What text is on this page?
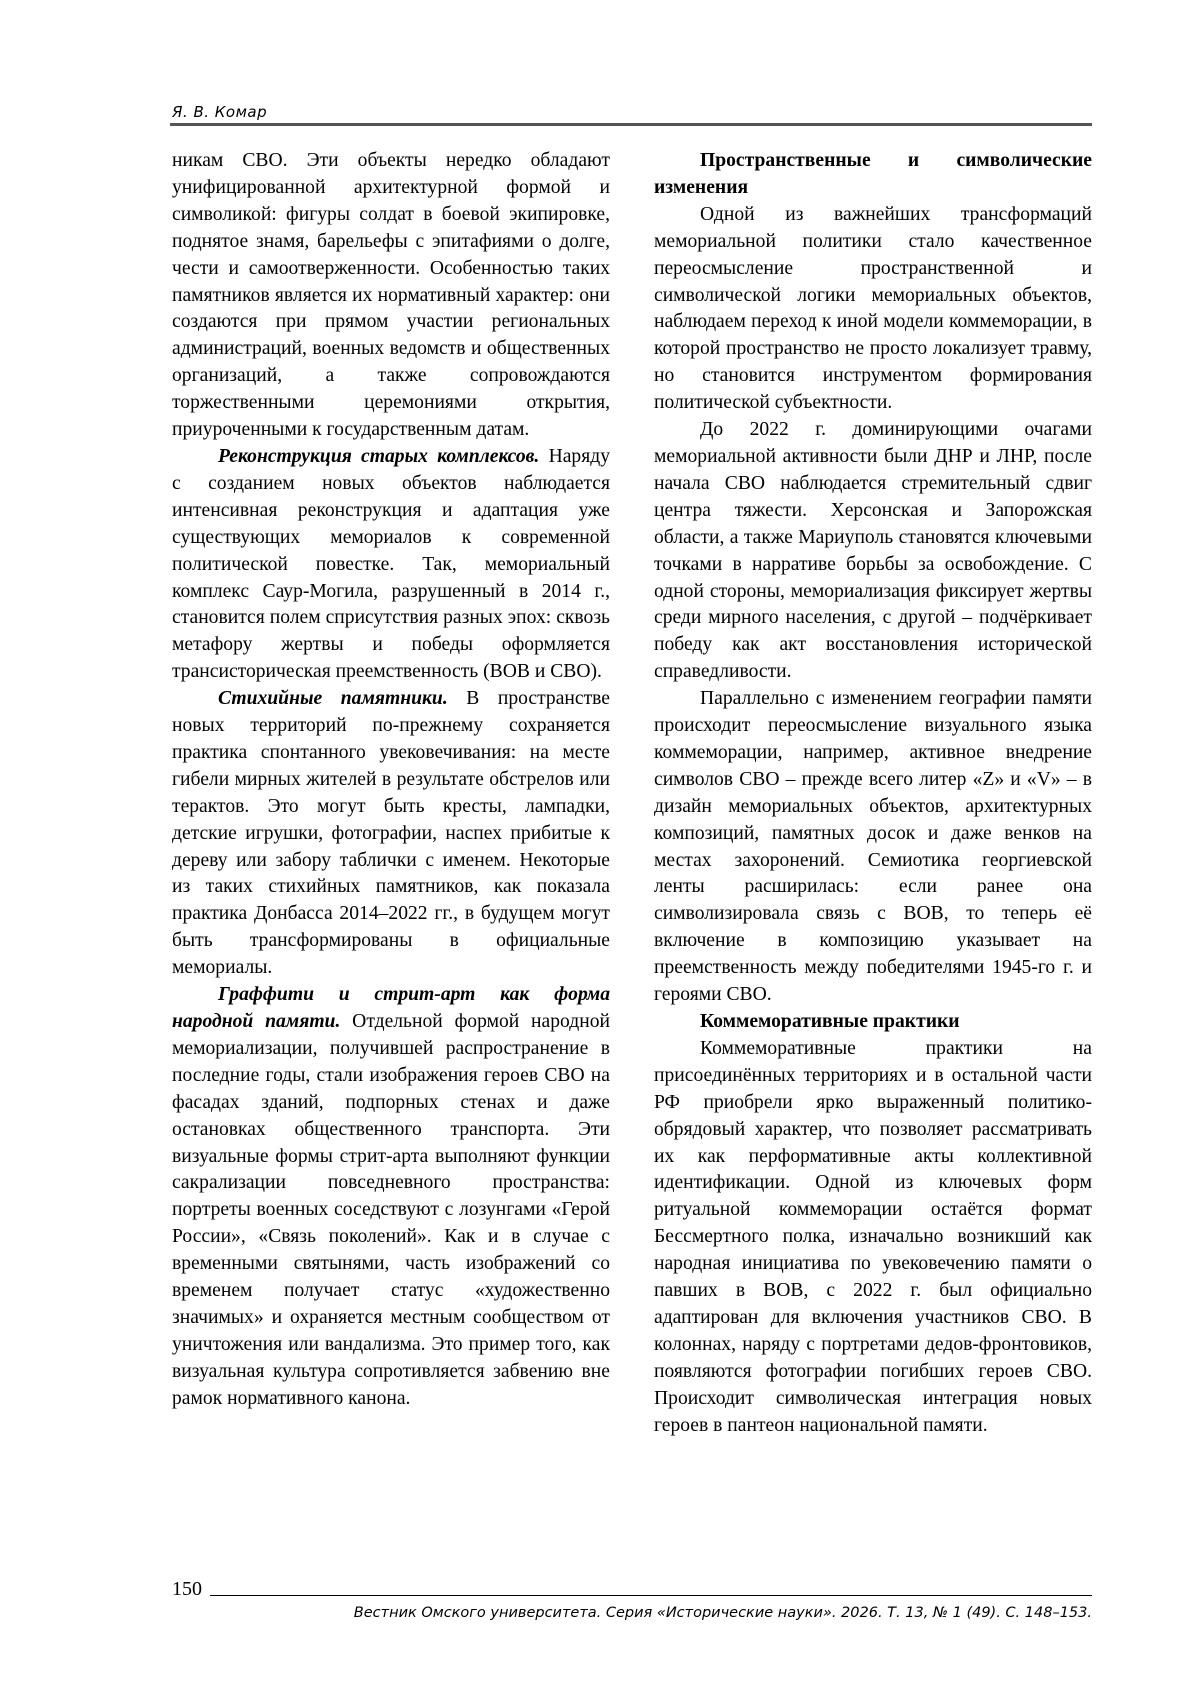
Я. В. Комар

никам СВО. Эти объекты нередко обладают унифицированной архитектурной формой и символикой: фигуры солдат в боевой экипировке, поднятое знамя, барельефы с эпитафиями о долге, чести и самоотверженности. Особенностью таких памятников является их нормативный характер: они создаются при прямом участии региональных администраций, военных ведомств и общественных организаций, а также сопровождаются торжественными церемониями открытия, приуроченными к государственным датам.

Реконструкция старых комплексов. Наряду с созданием новых объектов наблюдается интенсивная реконструкция и адаптация уже существующих мемориалов к современной политической повестке. Так, мемориальный комплекс Саур-Могила, разрушенный в 2014 г., становится полем сприсутствия разных эпох: сквозь метафору жертвы и победы оформляется трансисторическая преемственность (ВОВ и СВО).

Стихийные памятники. В пространстве новых территорий по-прежнему сохраняется практика спонтанного увековечивания: на месте гибели мирных жителей в результате обстрелов или терактов. Это могут быть кресты, лампадки, детские игрушки, фотографии, наспех прибитые к дереву или забору таблички с именем. Некоторые из таких стихийных памятников, как показала практика Донбасса 2014–2022 гг., в будущем могут быть трансформированы в официальные мемориалы.

Граффити и стрит-арт как форма народной памяти. Отдельной формой народной мемориализации, получившей распространение в последние годы, стали изображения героев СВО на фасадах зданий, подпорных стенах и даже остановках общественного транспорта. Эти визуальные формы стрит-арта выполняют функции сакрализации повседневного пространства: портреты военных соседствуют с лозунгами «Герой России», «Связь поколений». Как и в случае с временными святынями, часть изображений со временем получает статус «художественно значимых» и охраняется местным сообществом от уничтожения или вандализма. Это пример того, как визуальная культура сопротивляется забвению вне рамок нормативного канона.

Пространственные и символические изменения

Одной из важнейших трансформаций мемориальной политики стало качественное переосмысление пространственной и символической логики мемориальных объектов, наблюдаем переход к иной модели коммеморации, в которой пространство не просто локализует травму, но становится инструментом формирования политической субъектности.

До 2022 г. доминирующими очагами мемориальной активности были ДНР и ЛНР, после начала СВО наблюдается стремительный сдвиг центра тяжести. Херсонская и Запорожская области, а также Мариуполь становятся ключевыми точками в нарративе борьбы за освобождение. С одной стороны, мемориализация фиксирует жертвы среди мирного населения, с другой – подчёркивает победу как акт восстановления исторической справедливости.

Параллельно с изменением географии памяти происходит переосмысление визуального языка коммеморации, например, активное внедрение символов СВО – прежде всего литер «Z» и «V» – в дизайн мемориальных объектов, архитектурных композиций, памятных досок и даже венков на местах захоронений. Семиотика георгиевской ленты расширилась: если ранее она символизировала связь с ВОВ, то теперь её включение в композицию указывает на преемственность между победителями 1945-го г. и героями СВО.

Коммеморативные практики

Коммеморативные практики на присоединённых территориях и в остальной части РФ приобрели ярко выраженный политико-обрядовый характер, что позволяет рассматривать их как перформативные акты коллективной идентификации. Одной из ключевых форм ритуальной коммеморации остаётся формат Бессмертного полка, изначально возникший как народная инициатива по увековечению памяти о павших в ВОВ, с 2022 г. был официально адаптирован для включения участников СВО. В колоннах, наряду с портретами дедов-фронтовиков, появляются фотографии погибших героев СВО. Происходит символическая интеграция новых героев в пантеон национальной памяти.

150
Вестник Омского университета. Серия «Исторические науки». 2026. Т. 13, № 1 (49). С. 148–153.
